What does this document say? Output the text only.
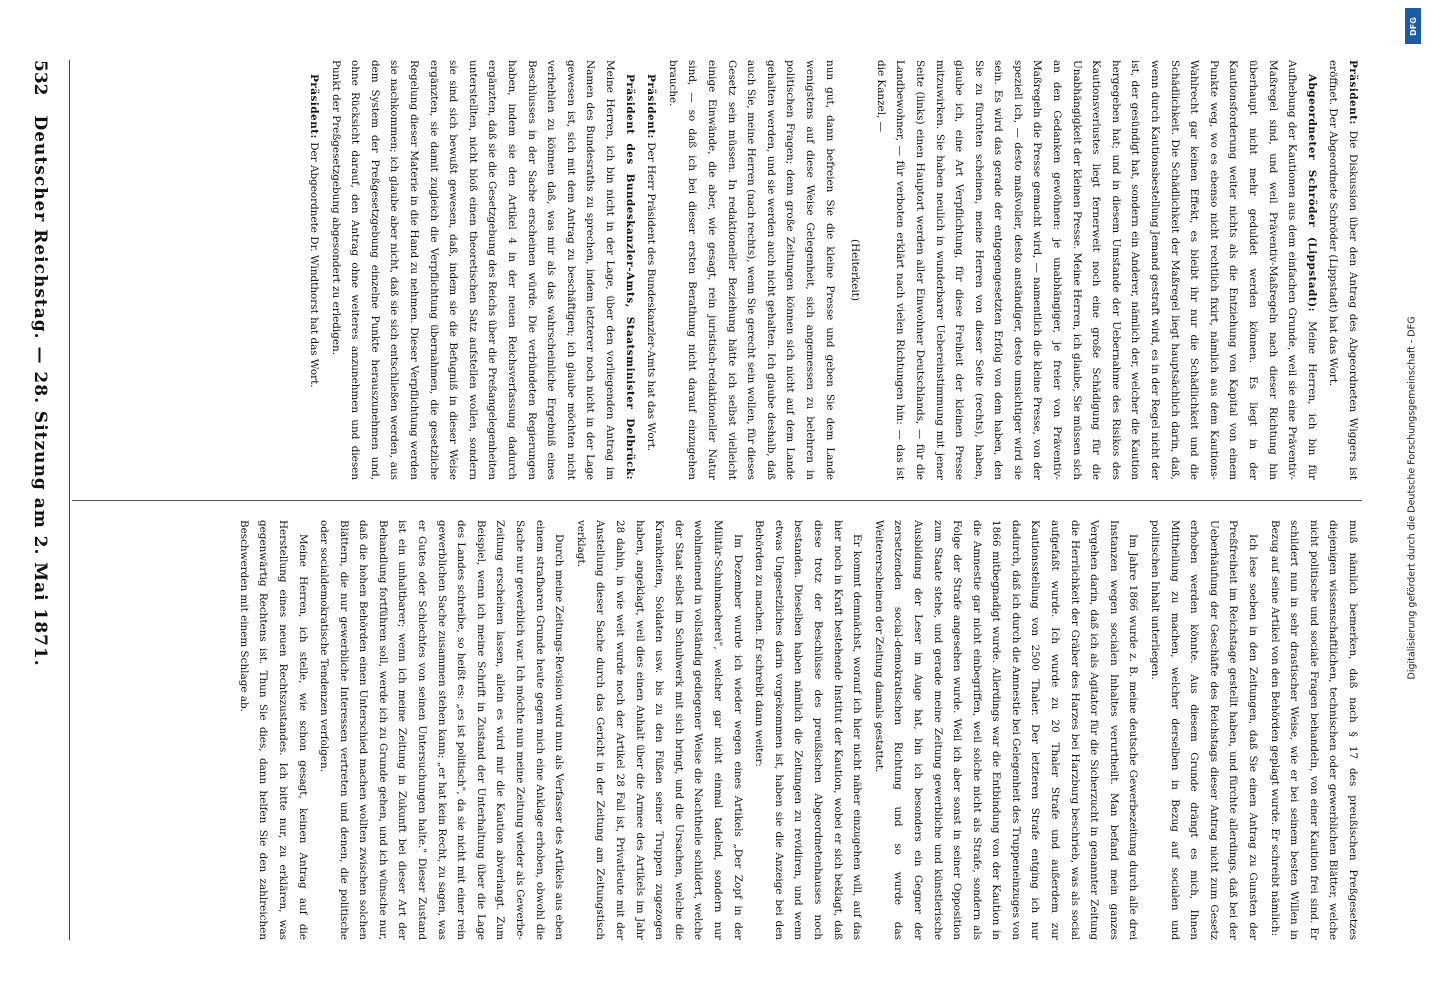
Präsident: Die Diskussion über den Antrag des Abgeordneten Wiggers ist eröffnet. Der Abgeordnete Schröder (Lippstadt) hat das Wort.

Abgeordneter Schröder (Lippstadt): Meine Herren, ich bin für Aufhebung der Kautionen aus dem einfachen Grunde, weil sie eine Präventiv-Maßregel sind, und weil Präventiv-Maßregeln nach dieser Richtung hin überhaupt nicht mehr geduldet werden können. Es liegt in der Kautionsforderung weiter nichts als die Entziehung von Kapital von einem Punkte weg, wo es ebenso nicht rechtlich fixirt, nämlich aus dem Kautions-Wahlrecht gar keinen Effekt, es bleibt ihr nur die Schädlichkeit und die Schädlichkeit. Die Schädlichkeit der Maßregel liegt hauptsächlich darin, daß, wenn durch Kautionsbestellung Jemand gestraft wird, es in der Regel nicht der ist, der gesündigt hat, sondern ein Anderer, nämlich der, welcher die Kaution hergegeben hat; und in diesem Umstande der Uebernahme des Risikos des Kautionsverlustes liegt fernerweit noch eine große Schädigung für die Unabhängigkeit der kleinen Presse. Meine Herren, ich glaube, Sie müssen sich an den Gedanken gewöhnen: je unabhängiger, je freier von Präventiv-Maßregeln die Presse gemacht wird, — namentlich die kleine Presse, von der speziell ich, — desto maßvoller, desto anständiger, desto umsichtiger wird sie sein. Es wird das gerade der entgegengesetzten Erfolg von dem haben, den Sie zu fürchten scheinen, meine Herren von dieser Seite (rechts), haben, glaube ich, eine Art Verpflichtung, für diese Freiheit der kleinen Presse mitzuwirken. Sie haben neulich in wunderbarer Uebereinstimmung mit jener Seite (links) einen Hauptort werden aller Einwohner Deutschlands, — für die Landbewohner, — für verboten erklärt nach vielen Richtungen hin: — das ist die Kanzel, —

(Heiterkeit)

nun gut, dann befreien Sie die kleine Presse und geben Sie dem Lande wenigstens auf diese Weise Gelegenheit, sich angemessen zu belehren in politischen Fragen; denn große Zeitungen können sich nicht auf dem Lande gehalten werden, und sie werden auch nicht gehalten. Ich glaube deshalb, daß auch Sie, meine Herren (nach rechts), wenn Sie gerecht sein wollen, für dieses Gesetz sein müssen. In redaktioneller Beziehung hätte ich selbst vielleicht einige Einwände, die aber, wie gesagt, rein juristisch-redaktioneller Natur sind, — so daß ich bei dieser ersten Berathung nicht darauf einzugehen brauche.

Präsident: Der Herr Präsident des Bundeskanzler-Amts hat das Wort.

Präsident des Bundeskanzler-Amts, Staatsminister Delbrück: Meine Herren, ich bin nicht in der Lage, über den vorliegenden Antrag im Namen des Bundesraths zu sprechen, indem letzterer noch nicht in der Lage gewesen ist, sich mit dem Antrag zu beschäftigen; ich glaube möchten nicht verhehlen zu können daß, was mir als das wahrscheinliche Ergebniß eines Beschlusses in der Sache erscheinen würde. Die verbündeten Regierungen haben, indem sie den Artikel 4 in der neuen Reichsverfassung dadurch ergänzten, daß sie die Gesetzgebung des Reichs über die Preßangelegenheiten unterstellten, nicht bloß einen theoretischen Satz aufstellen wollen, sondern sie sind sich bewußt gewesen, daß, indem sie die Befugniß in dieser Weise ergänzten, sie damit zugleich die Verpflichtung übernahmen, die gesetzliche Regelung dieser Materie in die Hand zu nehmen. Dieser Verpflichtung werden sie nachkommen; ich glaube aber nicht, daß sie sich entschließen werden, aus dem System der Preßgesetzgebung einzelne Punkte herauszunehmen und, ohne Rücksicht darauf, den Antrag ohne weiteres anzunehmen und diesen Punkt der Preßgesetzgebung abgesondert zu erledigen.

Präsident: Der Abgeordnete Dr. Windthorst hat das Wort.

muß nämlich bemerken, daß nach § 17 des preußischen Preßgesetzes diejenigen wissenschaftlichen, technischen oder gewerblichen Blätter, welche nicht politische und sociale Fragen behandeln, von einer Kaution frei sind. Er schildert nun in sehr drastischer Weise, wie er bei seinem besten Willen in Bezug auf seine Artikel von den Behörden geplagt wurde. Er schreibt nämlich:

Ich lese soeben in den Zeitungen, daß Sie einen Antrag zu Gunsten der Preßfreiheit im Reichstage gestellt haben, und fürchte allerdings, daß bei der Ueberhäufung der Geschäfte des Reichstags dieser Antrag nicht zum Gesetz erhoben werden könnte. Aus diesem Grunde drängt es mich, Ihnen Mittheilung zu machen, welcher derselben in Bezug auf socialen und politischen Inhalt unterliegen.

Im Jahre 1866 wurde z. B. meine deutsche Gewerbezeitung durch alle drei Instanzen wegen socialen Inhaltes verurtheilt. Man befand mein ganzes Vergehen darin, daß ich als Agitator für die Sicherzucht in genannter Zeitung die Herrlichkeit der Gräber des Harzes bei Harzburg beschrieb, was als social aufgefaßt wurde. Ich wurde zu 20 Thaler Strafe und außerdem zur Kautionsstellung von 2500 Thaler. Der letzteren Strafe entging ich nur dadurch, daß ich durch die Amnestie bei Gelegenheit des Truppeneinzuges von 1866 mitbegnadigt wurde. Allerdings war die Entbindung von der Kaution in die Amnestie gar nicht einbegriffen, weil solche nicht als Strafe, sondern als Folge der Strafe angesehen wurde. Weil ich aber sonst in seiner Opposition zum Staate stehe, und gerade meine Zeitung gewerbliche und künstlerische Ausbildung der Leser im Auge hat, bin ich besonders ein Gegner der zersetzenden social-demokratischen Richtung und so wurde das Weitererscheinen der Zeitung damals gestattet.

Er kommt demnächst, worauf ich hier nicht näher einzugehen will, auf das hier noch in Kraft bestehende Institut der Kaution, wobei er sich beklagt, daß diese trotz der Beschlüsse des preußischen Abgeordnetenhauses noch bestanden. Dieselben haben nämlich die Zeitungen zu revidiren, und wenn etwas Ungesetzliches darin vorgekommen ist, haben sie die Anzeige bei den Behörden zu machen. Er schreibt dann weiter:

Im Dezember wurde ich wieder wegen eines Artikels „Der Zopf in der Militär-Schuhmacherei", welcher gar nicht einmal tadelnd, sondern nur wohlmeinend in vollständig gediegener Weise die Nachtheile schildert, welche der Staat selbst im Schuhwerk mit sich bringt, und die Ursachen, welche die Krankheiten, Soldaten usw. bis zu den Füßen seiner Truppen zugezogen haben, angeklagt, weil dies einen Anhalt über die Armee des Artikels im Jahr 28 dahin, in wie weit wurde noch der Artikel 28 Fall ist, Privatleute mit der Anstellung dieser Sache durch das Gericht in der Zeitung am Zeitungstisch verklagt.

Durch meine Zeitungs-Revision wird nun als Verfasser des Artikels aus eben einem strafbaren Grunde heute gegen mich eine Anklage erhoben, obwohl die Sache nur gewerblich war. Ich möchte nun meine Zeitung wieder als Gewerbe-Zeitung erscheinen lassen, allein es wird mir die Kaution abverlangt. Zum Beispiel, wenn ich meine Schrift in Zustand der Unterhaltung über die Lage des Landes schreibe, so heißt es: „es ist politisch", da sie nicht mit einer rein gewerblichen Sache zusammen stehen kann; „er hat kein Recht, zu sagen, was er Gutes oder Schlechtes von seinen Untersuchungen halte." Dieser Zustand ist ein unhaltbarer; wenn ich meine Zeitung in Zukunft bei dieser Art der Behandlung fortführen soll, werde ich zu Grunde gehen, und ich wünsche nur, daß die hohen Behörden einen Unterschied machen wollten zwischen solchen Blättern, die nur gewerbliche Interessen vertreten und denen, die politische oder socialdemokratische Tendenzen verfolgen.

Meine Herren, ich stelle, wie schon gesagt, keinen Antrag auf die Herstellung eines neuen Rechtszustandes. Ich bitte nur, zu erklären, was gegenwärtig Rechtens ist. Thun Sie dies, dann helfen Sie den zahlreichen Beschwerden mit einem Schlage ab.

532
Deutscher Reichstag. — 28. Sitzung am 2. Mai 1871.
DFG
Digitalisierung gefördert durch die Deutsche Forschungsgemeinschaft - DFG
